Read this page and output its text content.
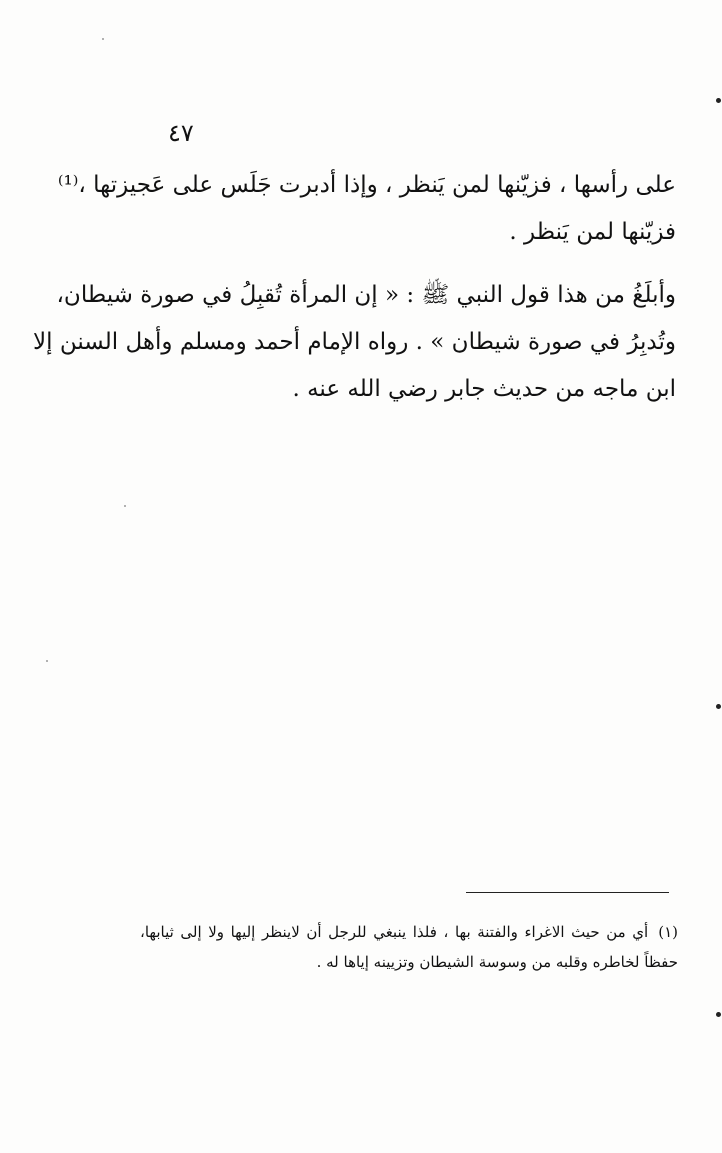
٤٧

على رأسها ، فزيّنها لمن يَنظر ، وإذا أدبرت جَلَس على عَجيزتها ،⁽¹⁾
فزيّنها لمن يَنظر .

وأبلَغُ من هذا قول النبي ﷺ : « إن المرأة تُقبِلُ في صورة شيطان،
وتُدبِرُ في صورة شيطان » . رواه الإمام أحمد ومسلم وأهل السنن إلا
ابن ماجه من حديث جابر رضي الله عنه .

(١)أي من حيث الاغراء والفتنة بها ، فلذا ينبغي للرجل أن لاينظر إليها ولا إلى ثيابها،
حفظاً لخاطره وقلبه من وسوسة الشيطان وتزيينه إياها له .
